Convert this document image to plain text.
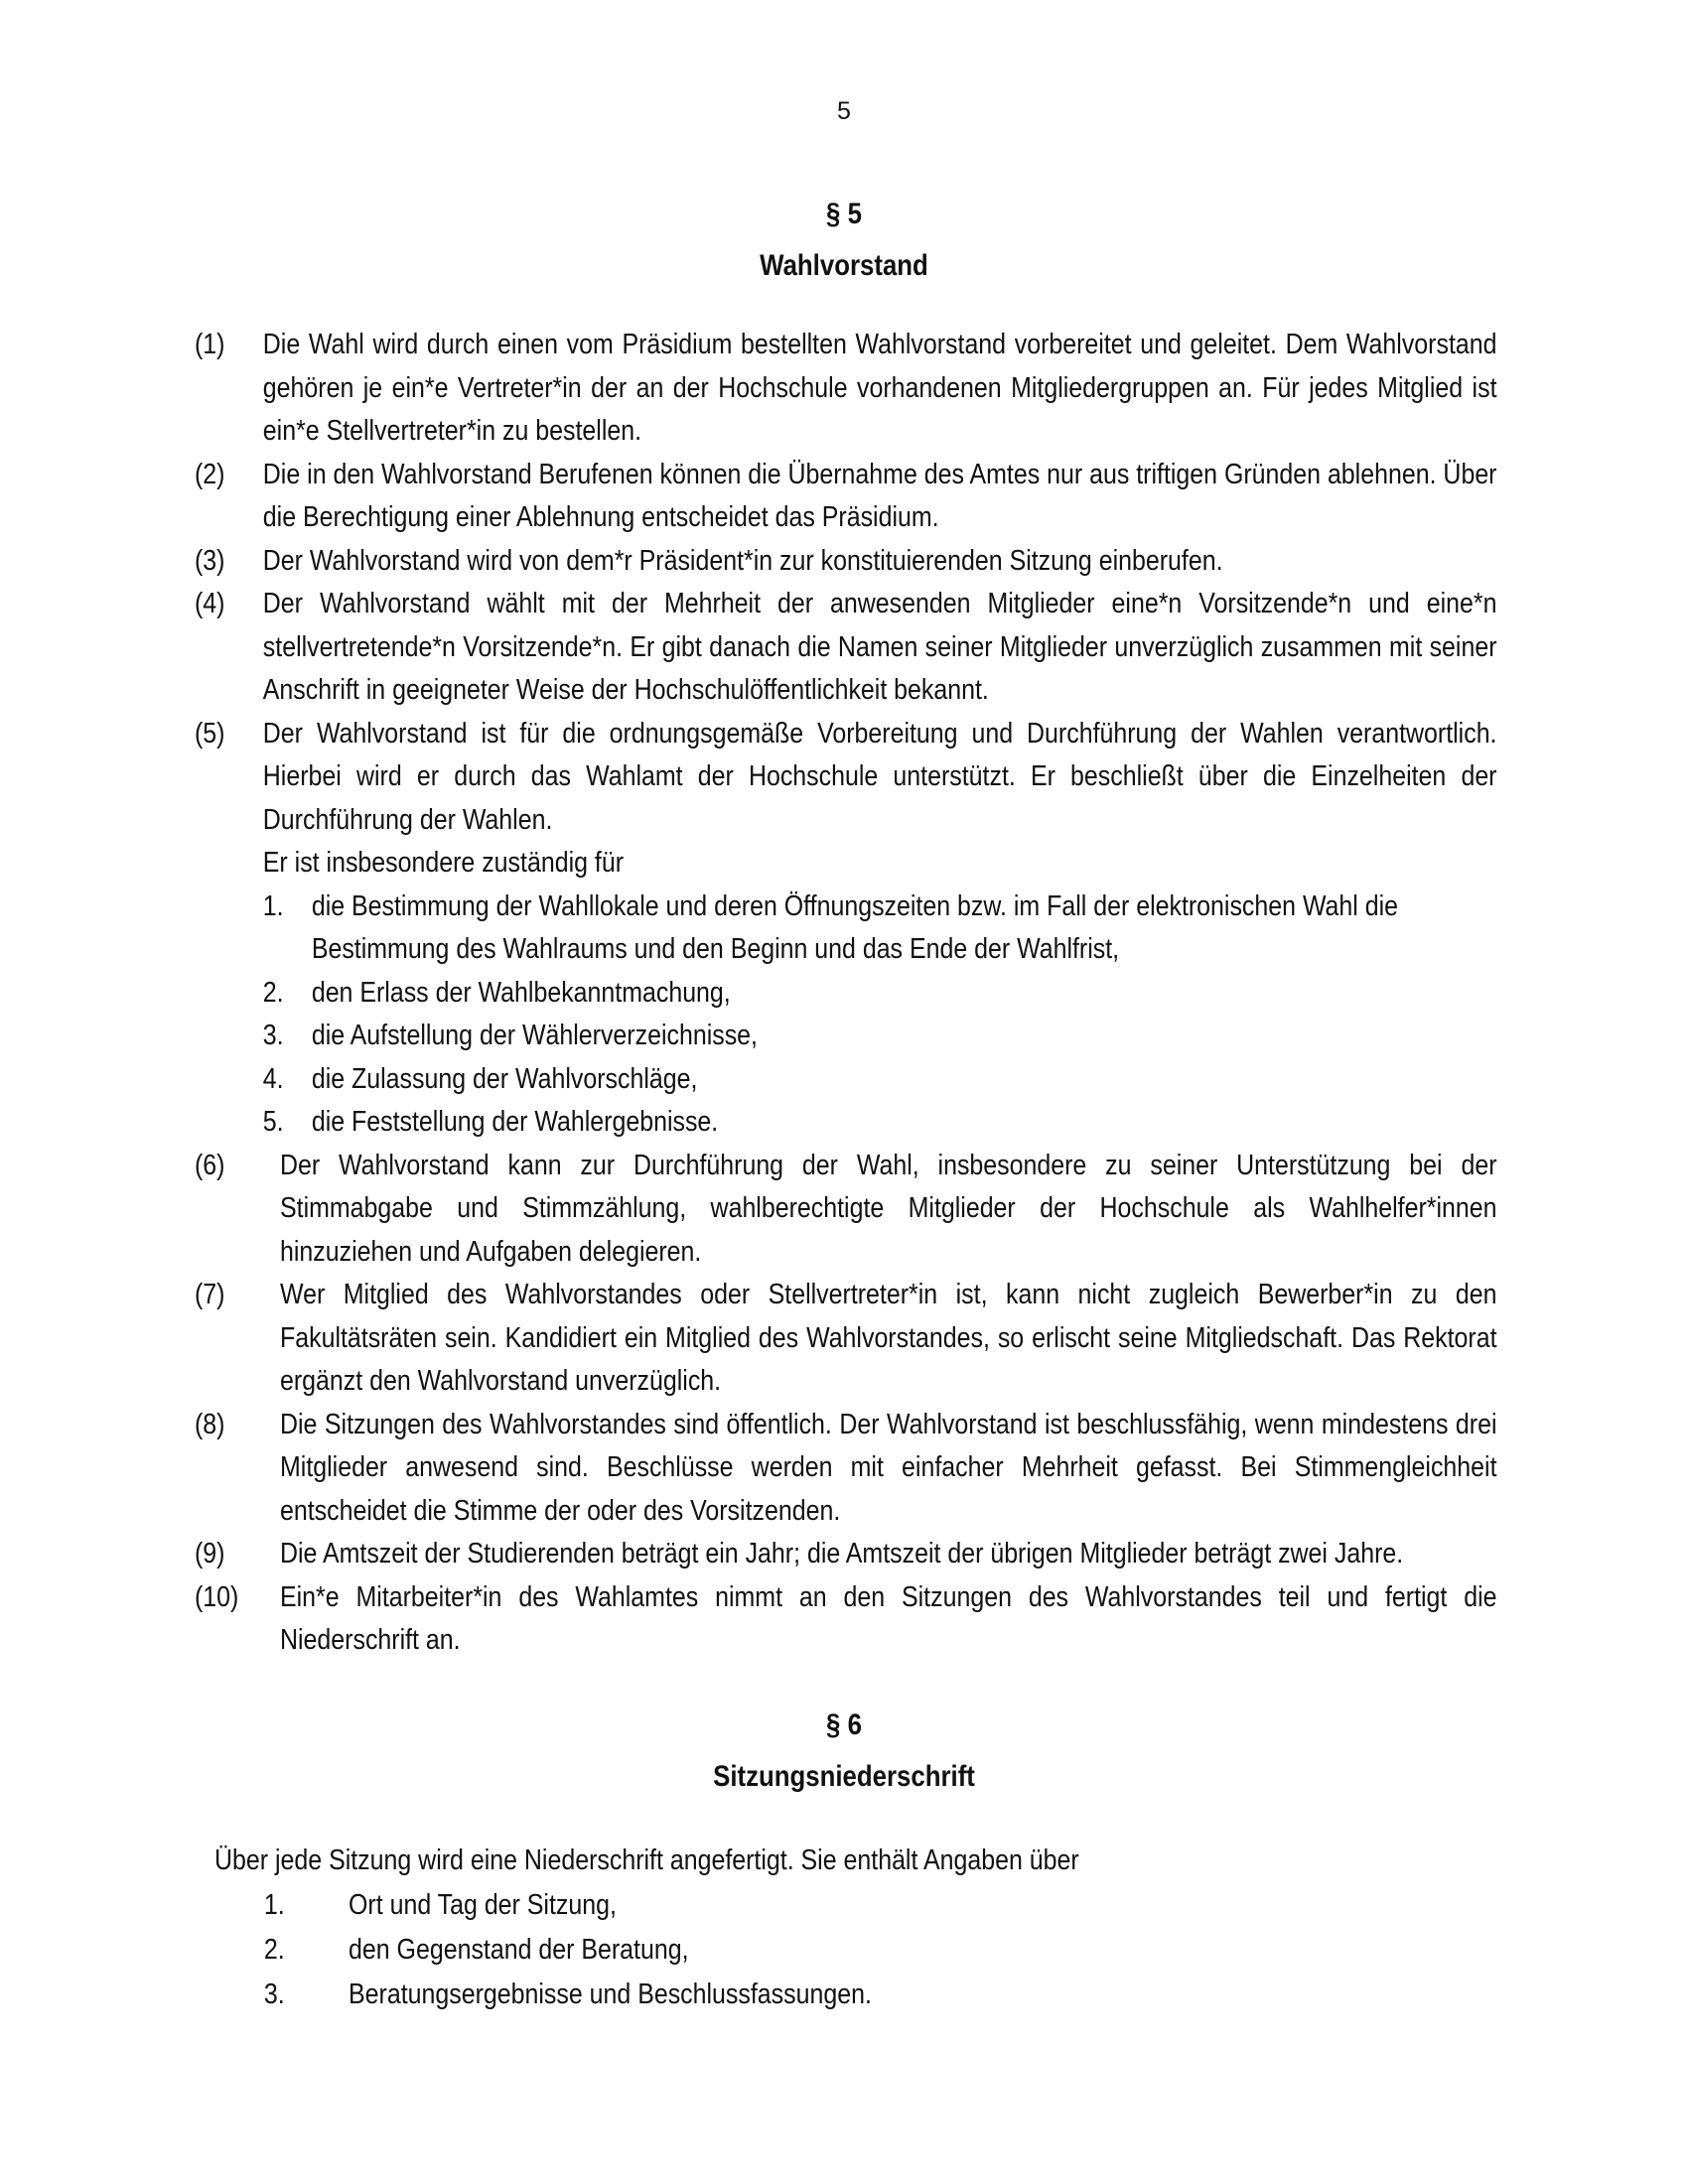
5
§ 5
Wahlvorstand
(1) Die Wahl wird durch einen vom Präsidium bestellten Wahlvorstand vorbereitet und geleitet. Dem Wahlvorstand gehören je ein*e Vertreter*in der an der Hochschule vorhandenen Mitgliedergruppen an. Für jedes Mitglied ist ein*e Stellvertreter*in zu bestellen.
(2) Die in den Wahlvorstand Berufenen können die Übernahme des Amtes nur aus triftigen Gründen ablehnen. Über die Berechtigung einer Ablehnung entscheidet das Präsidium.
(3) Der Wahlvorstand wird von dem*r Präsident*in zur konstituierenden Sitzung einberufen.
(4) Der Wahlvorstand wählt mit der Mehrheit der anwesenden Mitglieder eine*n Vorsitzende*n und eine*n stellvertretende*n Vorsitzende*n. Er gibt danach die Namen seiner Mitglieder unverzüglich zusammen mit seiner Anschrift in geeigneter Weise der Hochschulöffentlichkeit bekannt.
(5) Der Wahlvorstand ist für die ordnungsgemäße Vorbereitung und Durchführung der Wahlen verantwortlich. Hierbei wird er durch das Wahlamt der Hochschule unterstützt. Er beschließt über die Einzelheiten der Durchführung der Wahlen.
Er ist insbesondere zuständig für
1. die Bestimmung der Wahllokale und deren Öffnungszeiten bzw. im Fall der elektronischen Wahl die Bestimmung des Wahlraums und den Beginn und das Ende der Wahlfrist,
2. den Erlass der Wahlbekanntmachung,
3. die Aufstellung der Wählerverzeichnisse,
4. die Zulassung der Wahlvorschläge,
5. die Feststellung der Wahlergebnisse.
(6) Der Wahlvorstand kann zur Durchführung der Wahl, insbesondere zu seiner Unterstützung bei der Stimmabgabe und Stimmzählung, wahlberechtigte Mitglieder der Hochschule als Wahlhelfer*innen hinzuziehen und Aufgaben delegieren.
(7) Wer Mitglied des Wahlvorstandes oder Stellvertreter*in ist, kann nicht zugleich Bewerber*in zu den Fakultätsräten sein. Kandidiert ein Mitglied des Wahlvorstandes, so erlischt seine Mitgliedschaft. Das Rektorat ergänzt den Wahlvorstand unverzüglich.
(8) Die Sitzungen des Wahlvorstandes sind öffentlich. Der Wahlvorstand ist beschlussfähig, wenn mindestens drei Mitglieder anwesend sind. Beschlüsse werden mit einfacher Mehrheit gefasst. Bei Stimmengleichheit entscheidet die Stimme der oder des Vorsitzenden.
(9) Die Amtszeit der Studierenden beträgt ein Jahr; die Amtszeit der übrigen Mitglieder beträgt zwei Jahre.
(10) Ein*e Mitarbeiter*in des Wahlamtes nimmt an den Sitzungen des Wahlvorstandes teil und fertigt die Niederschrift an.
§ 6
Sitzungsniederschrift
Über jede Sitzung wird eine Niederschrift angefertigt. Sie enthält Angaben über
1. Ort und Tag der Sitzung,
2. den Gegenstand der Beratung,
3. Beratungsergebnisse und Beschlussfassungen.
